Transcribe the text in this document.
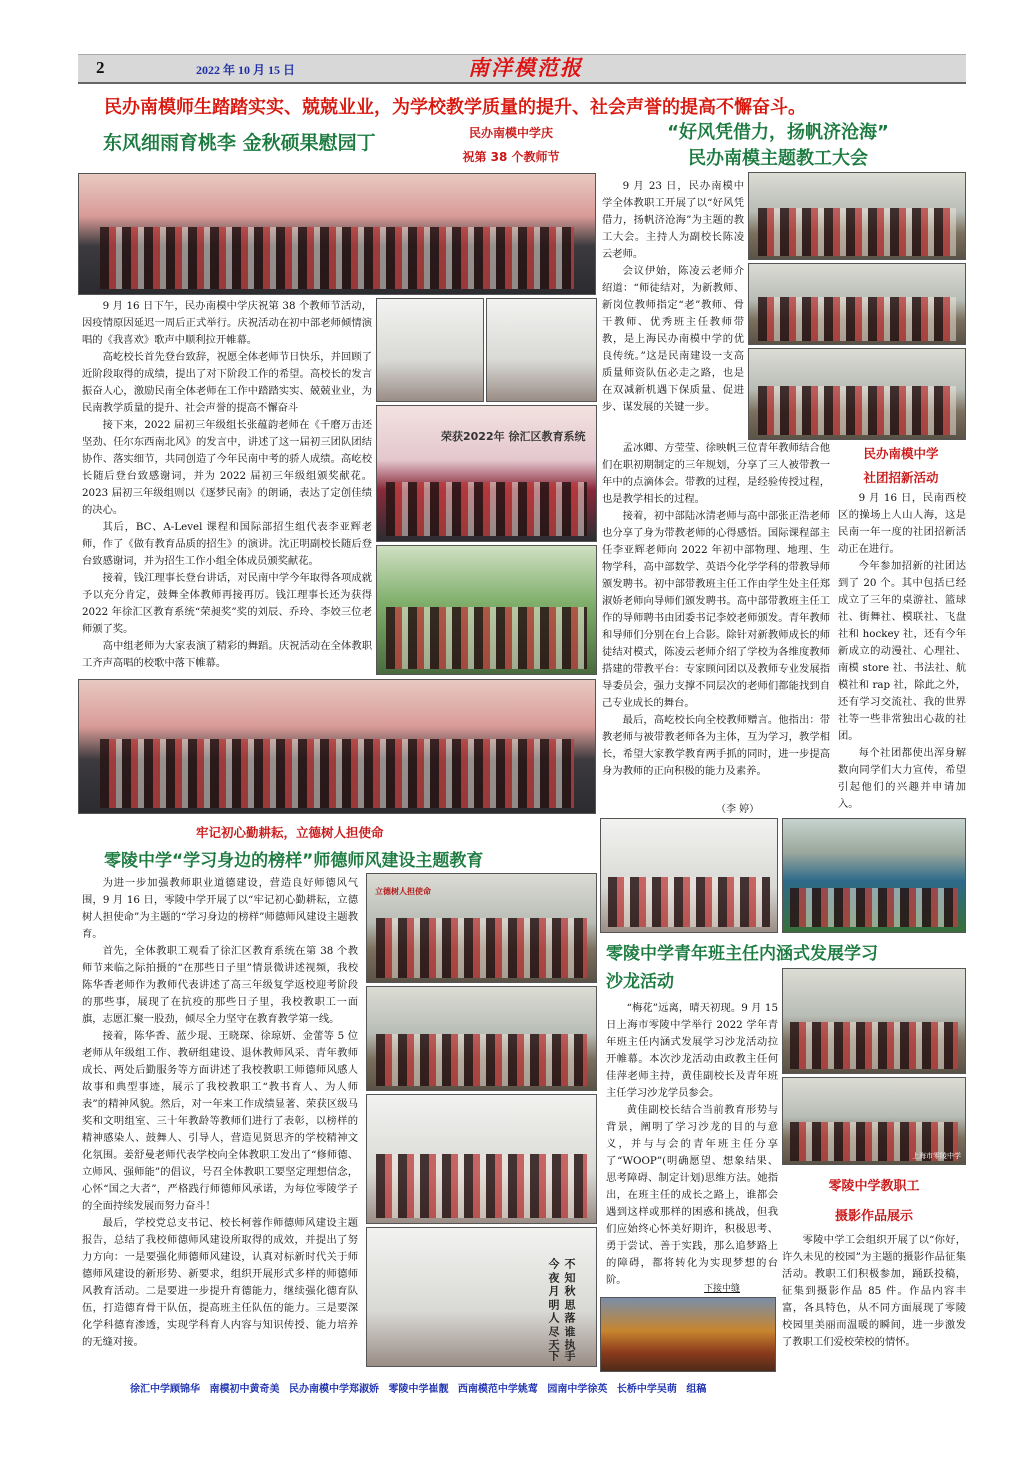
2	2022 年 10 月 15 日	南洋模范报
民办南模师生踏踏实实、兢兢业业，为学校教学质量的提升、社会声誉的提高不懈奋斗。
东风细雨育桃李 金秋硕果慰园丁	民办南模中学庆
祝第 38 个教师节

9 月 16 日下午，民办南模中学庆祝第 38 个教师节活动，因疫情原因延迟一周后正式举行。庆祝活动在初中部老师倾情演唱的《我喜欢》歌声中顺利拉开帷幕。

高屹校长首先登台致辞，祝愿全体老师节日快乐，并回顾了近阶段取得的成绩，提出了对下阶段工作的希望。高校长的发言振奋人心，激励民南全体老师在工作中踏踏实实、兢兢业业，为民南教学质量的提升、社会声誉的提高不懈奋斗

接下来，2022 届初三年级组长张蕴韵老师在《千磨万击还坚劲、任尔东西南北风》的发言中，讲述了这一届初三团队团结协作、落实细节，共同创造了今年民南中考的骄人成绩。高屹校长随后登台致感谢词，并为 2022 届初三年级组颁奖献花。2023 届初三年级组则以《逐梦民南》的朗诵，表达了定创佳绩的决心。

其后，BC、A-Level 课程和国际部招生组代表李亚辉老师，作了《做有教育品质的招生》的演讲。沈正明副校长随后登台致感谢词，并为招生工作小组全体成员颁奖献花。

接着，钱江理事长登台讲话，对民南中学今年取得各项成就予以充分肯定，鼓舞全体教师再接再厉。钱江理事长还为获得 2022 年徐汇区教育系统“荣昶奖”奖的刘辰、乔玲、李姣三位老师颁了奖。

高中组老师为大家表演了精彩的舞蹈。庆祝活动在全体教职工齐声高唱的校歌中落下帷幕。

荣获2022年 徐汇区教育系统
“好风凭借力，扬帆济沧海”
民办南模主题教工大会

9 月 23 日，民办南模中学全体教职工开展了以“好风凭借力，扬帆济沧海”为主题的教工大会。主持人为副校长陈凌云老师。

会议伊始，陈凌云老师介绍道：“师徒结对，为新教师、新岗位教师指定“老”教师、骨干教师、优秀班主任教师带教，是上海民办南模中学的优良传统。”这是民南建设一支高质量师资队伍必走之路，也是在双减新机遇下保质量、促进步、谋发展的关键一步。

孟冰卿、方莹莹、徐映帆三位青年教师结合他们在职初期制定的三年规划，分享了三人被带教一年中的点滴体会。带教的过程，是经验传授过程，也是教学相长的过程。

接着，初中部陆冰清老师与高中部张正浩老师也分享了身为带教老师的心得感悟。国际课程部主任李亚辉老师向 2022 年初中部物理、地理、生物学科，高中部数学、英语今化学学科的带教导师颁发聘书。初中部带教班主任工作由学生处主任郑淑娇老师向导师们颁发聘书。高中部带教班主任工作的导师聘书由团委书记李姣老师颁发。青年教师和导师们分别在台上合影。除针对新教师成长的师徒结对模式，陈凌云老师介绍了学校为各维度教师搭建的带教平台：专家顾问团以及教师专业发展指导委员会，强力支撑不同层次的老师们都能找到自己专业成长的舞台。

最后，高屹校长向全校教师赠言。他指出：带教老师与被带教老师各为主体，互为学习，教学相长，希望大家教学教育两手抓的同时，进一步提高身为教师的正向积极的能力及素养。

（李 婷）
民办南模中学
社团招新活动

9 月 16 日，民南西校区的操场上人山人海，这是民南一年一度的社团招新活动正在进行。

今年参加招新的社团达到了 20 个。其中包括已经成立了三年的桌游社、篮球社、街舞社、模联社、飞盘社和 hockey 社，还有今年新成立的动漫社、心理社、南模 store 社、书法社、航模社和 rap 社，除此之外，还有学习交流社、我的世界社等一些非常独出心裁的社团。

每个社团都使出浑身解数向同学们大力宣传，希望引起他们的兴趣并申请加入。

牢记初心勤耕耘，立德树人担使命
零陵中学“学习身边的榜样”师德师风建设主题教育

为进一步加强教师职业道德建设，营造良好师德风气围，9 月 16 日，零陵中学开展了以“牢记初心勤耕耘，立德树人担使命”为主题的“学习身边的榜样”师德师风建设主题教育。

首先，全体教职工观看了徐汇区教育系统在第 38 个教师节来临之际拍摄的“在那些日子里”情景微讲述视频，我校陈华香老师作为教师代表讲述了高三年级复学返校迎考阶段的那些事，展现了在抗疫的那些日子里，我校教职工一面旗，志愿汇聚一股劲，倾尽全力坚守在教育教学第一线。

接着，陈华香、蓝少琨、王晓琛、徐琼妍、金蕾等 5 位老师从年级组工作、教研组建设、退休教师风采、青年教师成长、两处后勤服务等方面讲述了我校教职工师德师风感人故事和典型事迹，展示了我校教职工“教书育人、为人师表”的精神风貌。然后，对一年来工作成绩显著、荣获区级马奖和文明组室、三十年教龄等教师们进行了表彰，以榜样的精神感染人、鼓舞人、引导人，营造见贤思齐的学校精神文化氛围。姜舒曼老师代表学校向全体教职工发出了“修师德、立师风、强师能”的倡议，号召全体教职工要坚定理想信念，心怀“国之大者”，严格践行师德师风承诺，为每位零陵学子的全面持续发展而努力奋斗！

最后，学校党总支书记、校长柯蓉作师德师风建设主题报告，总结了我校师德师风建设所取得的成效，并提出了努力方向：一是要强化师德师风建设，认真对标新时代关于师德师风建设的新形势、新要求，组织开展形式多样的师德师风教育活动。二是要进一步提升育德能力，继续强化德育队伍，打造德育骨干队伍，提高班主任队伍的能力。三是要深化学科德育渗透，实现学科育人内容与知识传授、能力培养的无缝对接。

立德树人担使命
不今
知夜
秋月
思明
落人
谁尽
执手天下
零陵中学青年班主任内涵式发展学习
沙龙活动

“梅花”远离，晴天初现。9 月 15 日上海市零陵中学举行 2022 学年青年班主任内涵式发展学习沙龙活动拉开帷幕。本次沙龙活动由政教主任何佳萍老师主持，黄佳副校长及青年班主任学习沙龙学员参会。

黄佳副校长结合当前教育形势与背景，阐明了学习沙龙的目的与意义，并与与会的青年班主任分享了“WOOP”(明确愿望、想象结果、思考障碍、制定计划)思维方法。她指出，在班主任的成长之路上，谁都会遇到这样或那样的困惑和挑战，但我们应始终心怀美好期许，积极思考、勇于尝试、善于实践，那么追梦路上的障碍，都将转化为实现梦想的台阶。

下接中缝
上海市零陵中学
零陵中学教职工
摄影作品展示

零陵中学工会组织开展了以“你好，许久未见的校园”为主题的摄影作品征集活动。教职工们积极参加，踊跃投稿，征集到摄影作品 85 件。作品内容丰富，各具特色，从不同方面展现了零陵校园里美丽而温暖的瞬间，进一步激发了教职工们爱校荣校的情怀。

徐汇中学顾锦华 南模初中黄奇美 民办南模中学郑淑娇 零陵中学崔靓 西南模范中学姚莺 园南中学徐英 长桥中学吴萌 组稿
